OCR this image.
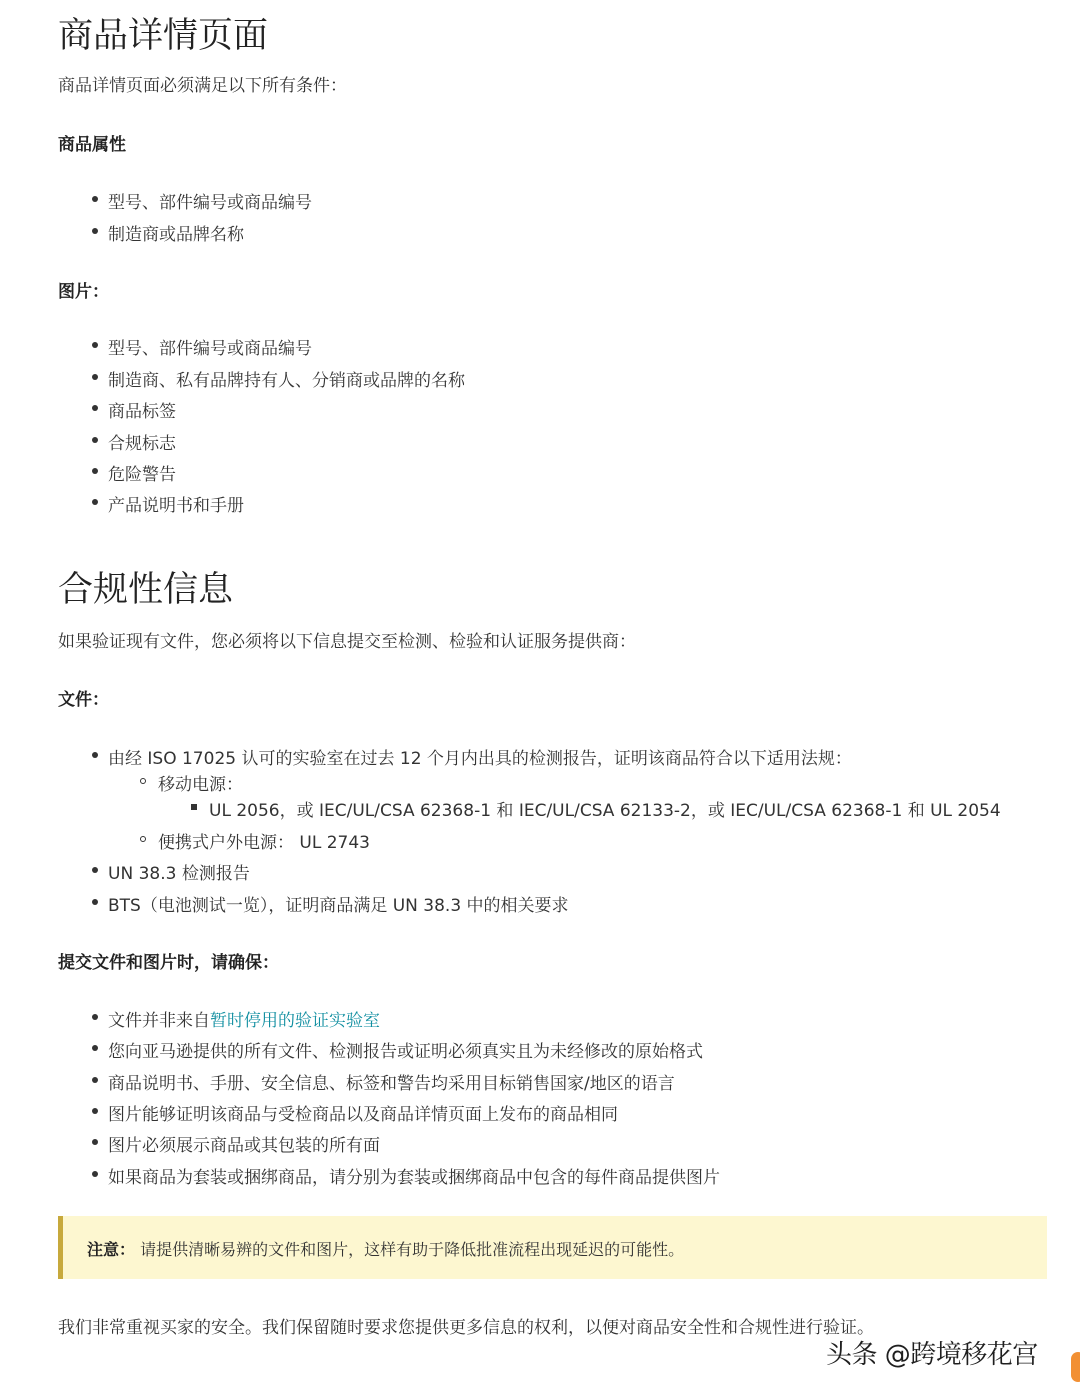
商品详情页面
商品详情页面必须满足以下所有条件：
商品属性
型号、部件编号或商品编号
制造商或品牌名称
图片：
型号、部件编号或商品编号
制造商、私有品牌持有人、分销商或品牌的名称
商品标签
合规标志
危险警告
产品说明书和手册
合规性信息
如果验证现有文件，您必须将以下信息提交至检测、检验和认证服务提供商：
文件：
由经 ISO 17025 认可的实验室在过去 12 个月内出具的检测报告，证明该商品符合以下适用法规：
移动电源：
UL 2056，或 IEC/UL/CSA 62368-1 和 IEC/UL/CSA 62133-2，或 IEC/UL/CSA 62368-1 和 UL 2054
便携式户外电源： UL 2743
UN 38.3 检测报告
BTS（电池测试一览），证明商品满足 UN 38.3 中的相关要求
提交文件和图片时，请确保：
文件并非来自暂时停用的验证实验室
您向亚马逊提供的所有文件、检测报告或证明必须真实且为未经修改的原始格式
商品说明书、手册、安全信息、标签和警告均采用目标销售国家/地区的语言
图片能够证明该商品与受检商品以及商品详情页面上发布的商品相同
图片必须展示商品或其包装的所有面
如果商品为套装或捆绑商品，请分别为套装或捆绑商品中包含的每件商品提供图片
注意： 请提供清晰易辨的文件和图片，这样有助于降低批准流程出现延迟的可能性。
我们非常重视买家的安全。我们保留随时要求您提供更多信息的权利，以便对商品安全性和合规性进行验证。
头条 @跨境移花宫
